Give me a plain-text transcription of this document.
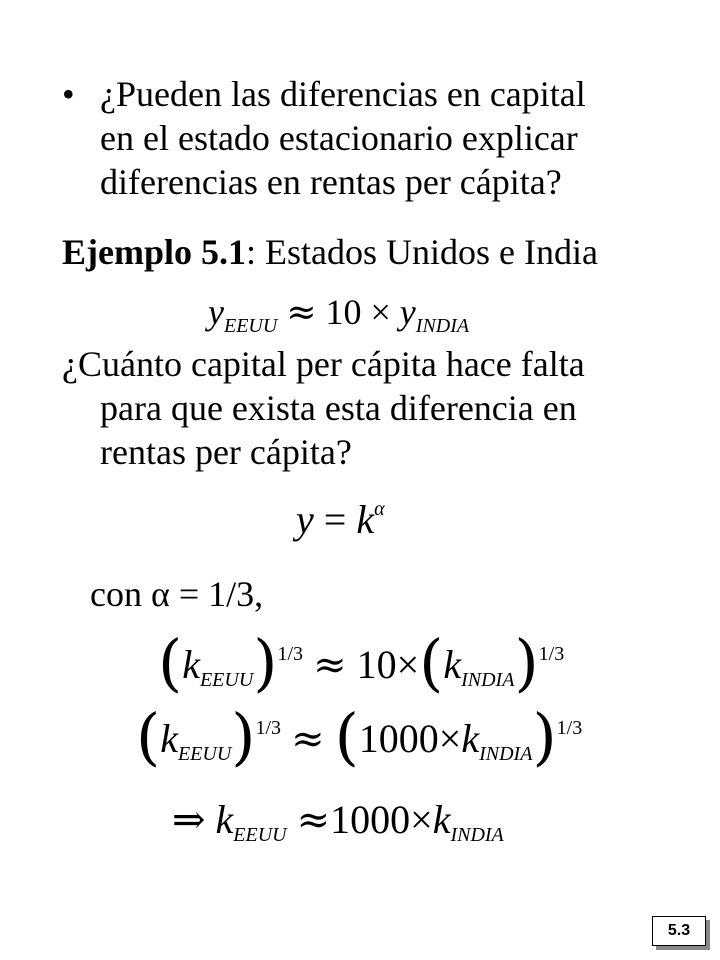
• ¿Pueden las diferencias en capital
en el estado estacionario explicar
diferencias en rentas per cápita?
Ejemplo 5.1: Estados Unidos e India
$y_{EEUU} \approx 10 \times y_{INDIA}$
¿Cuánto capital per cápita hace falta
para que exista esta diferencia en
rentas per cápita?
$y = k^\alpha$
con α = 1/3,
$(k_{EEUU})^{1/3} \approx 10\times(k_{INDIA})^{1/3}$
$(k_{EEUU})^{1/3} \approx (1000\times k_{INDIA})^{1/3}$
⇒ $k_{EEUU} \approx 1000\times k_{INDIA}$
5.3
